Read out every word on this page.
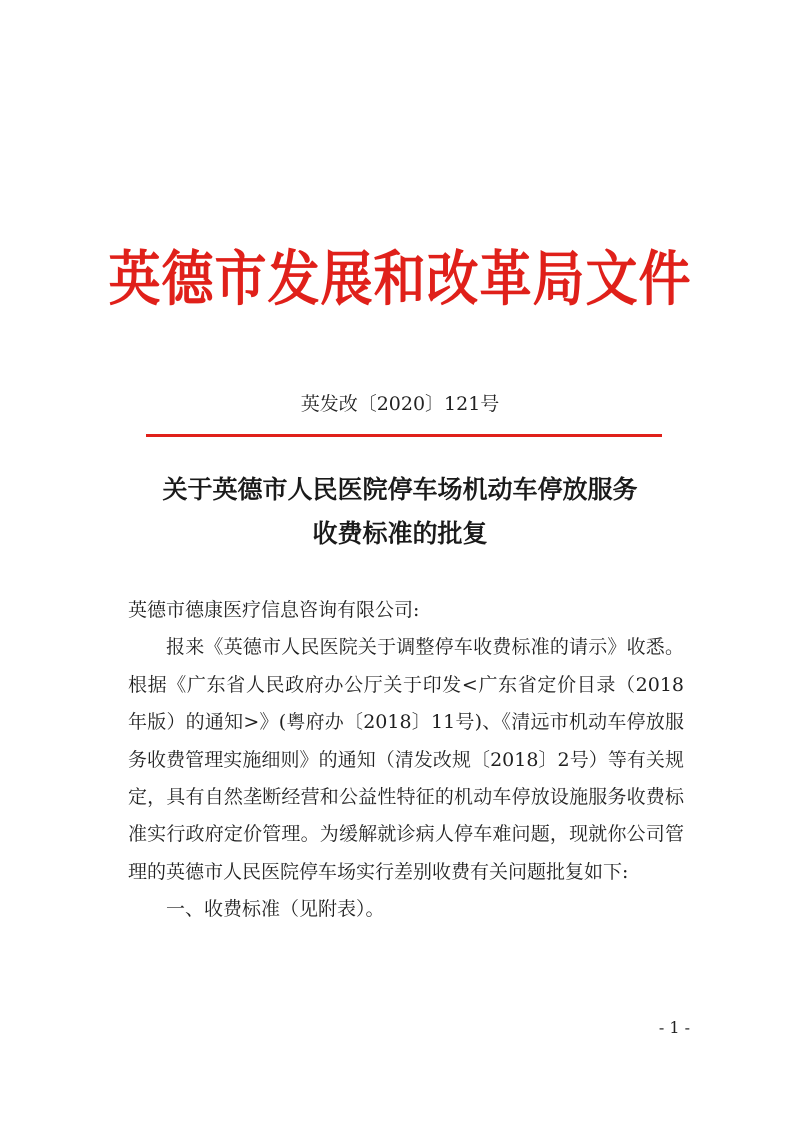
英德市发展和改革局文件
英发改〔2020〕121号
关于英德市人民医院停车场机动车停放服务
收费标准的批复

英德市德康医疗信息咨询有限公司:

报来《英德市人民医院关于调整停车收费标准的请示》收悉。根据《广东省人民政府办公厅关于印发<广东省定价目录（2018年版）的通知>》(粤府办〔2018〕11号)、《清远市机动车停放服务收费管理实施细则》的通知（清发改规〔2018〕2号）等有关规定，具有自然垄断经营和公益性特征的机动车停放设施服务收费标准实行政府定价管理。为缓解就诊病人停车难问题，现就你公司管理的英德市人民医院停车场实行差别收费有关问题批复如下:

一、收费标准（见附表）。

- 1 -
